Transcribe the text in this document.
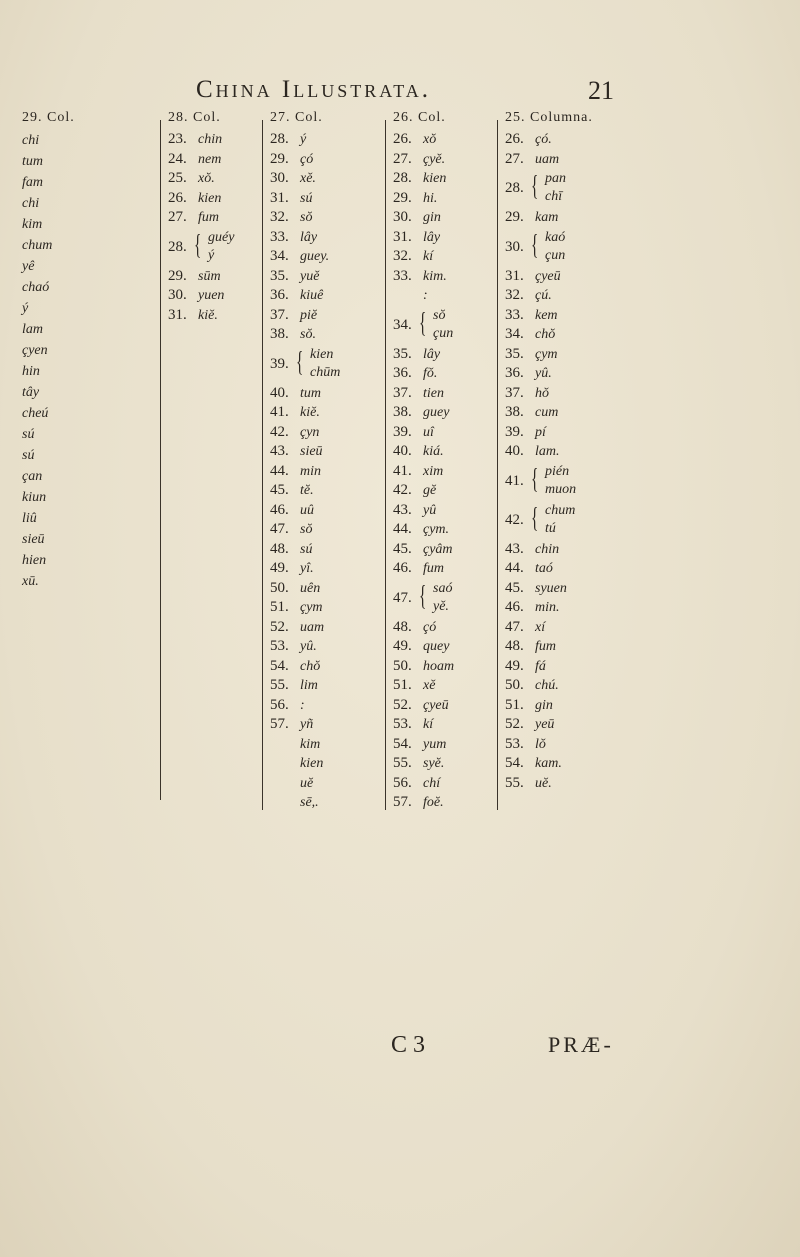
China Illustrata.	21
29. Col.
chi
tum
fam
chi
kim
chum
yê
chaó
ý
lam
çyen
hin
tây
cheú
sú
sú
çan
kiun
liû
sieū
hien
xū.
28. Col.
23. chin
24. nem
25. xŏ.
26. kien
27. fum
28. { guéy
ý
29. sūm
30. yuen
31. kiĕ.
27. Col.
28. ý
29. çó
30. xĕ.
31. sú
32. sŏ
33. lây
34. guey.
35. yuĕ
36. kiuê
37. piĕ
38. sŏ.
39. { kien
chūm
40. tum
41. kiĕ.
42. çyn
43. sieū
44. min
45. tĕ.
46. uû
47. sŏ
48. sú
49. yî.
50. uên
51. çym
52. uam
53. yû.
54. chŏ
55. lim
56. :
57. yñ
kim
kien
uĕ
sē,.
26. Col.
26. xŏ
27. çyĕ.
28. kien
29. hi.
30. gin
31. lây
32. kí
33. kim.
:
34. { sŏ
çun
35. lây
36. fŏ.
37. tien
38. guey
39. uî
40. kiá.
41. xim
42. gĕ
43. yû
44. çym.
45. çyâm
46. fum
47. { saó
yĕ.
48. çó
49. quey
50. hoam
51. xĕ
52. çyeū
53. kí
54. yum
55. syĕ.
56. chí
57. foĕ.
25. Columna.
26. çó.
27. uam
28. { pan
chī
29. kam
30. { kaó
çun
31. çyeū
32. çú.
33. kem
34. chŏ
35. çym
36. yû.
37. hŏ
38. cum
39. pí
40. lam.
41. { pién
muon
42. { chum
tú
43. chin
44. taó
45. syuen
46. min.
47. xí
48. fum
49. fá
50. chú.
51. gin
52. yeū
53. lŏ
54. kam.
55. uĕ.
C 3	PRÆ-
